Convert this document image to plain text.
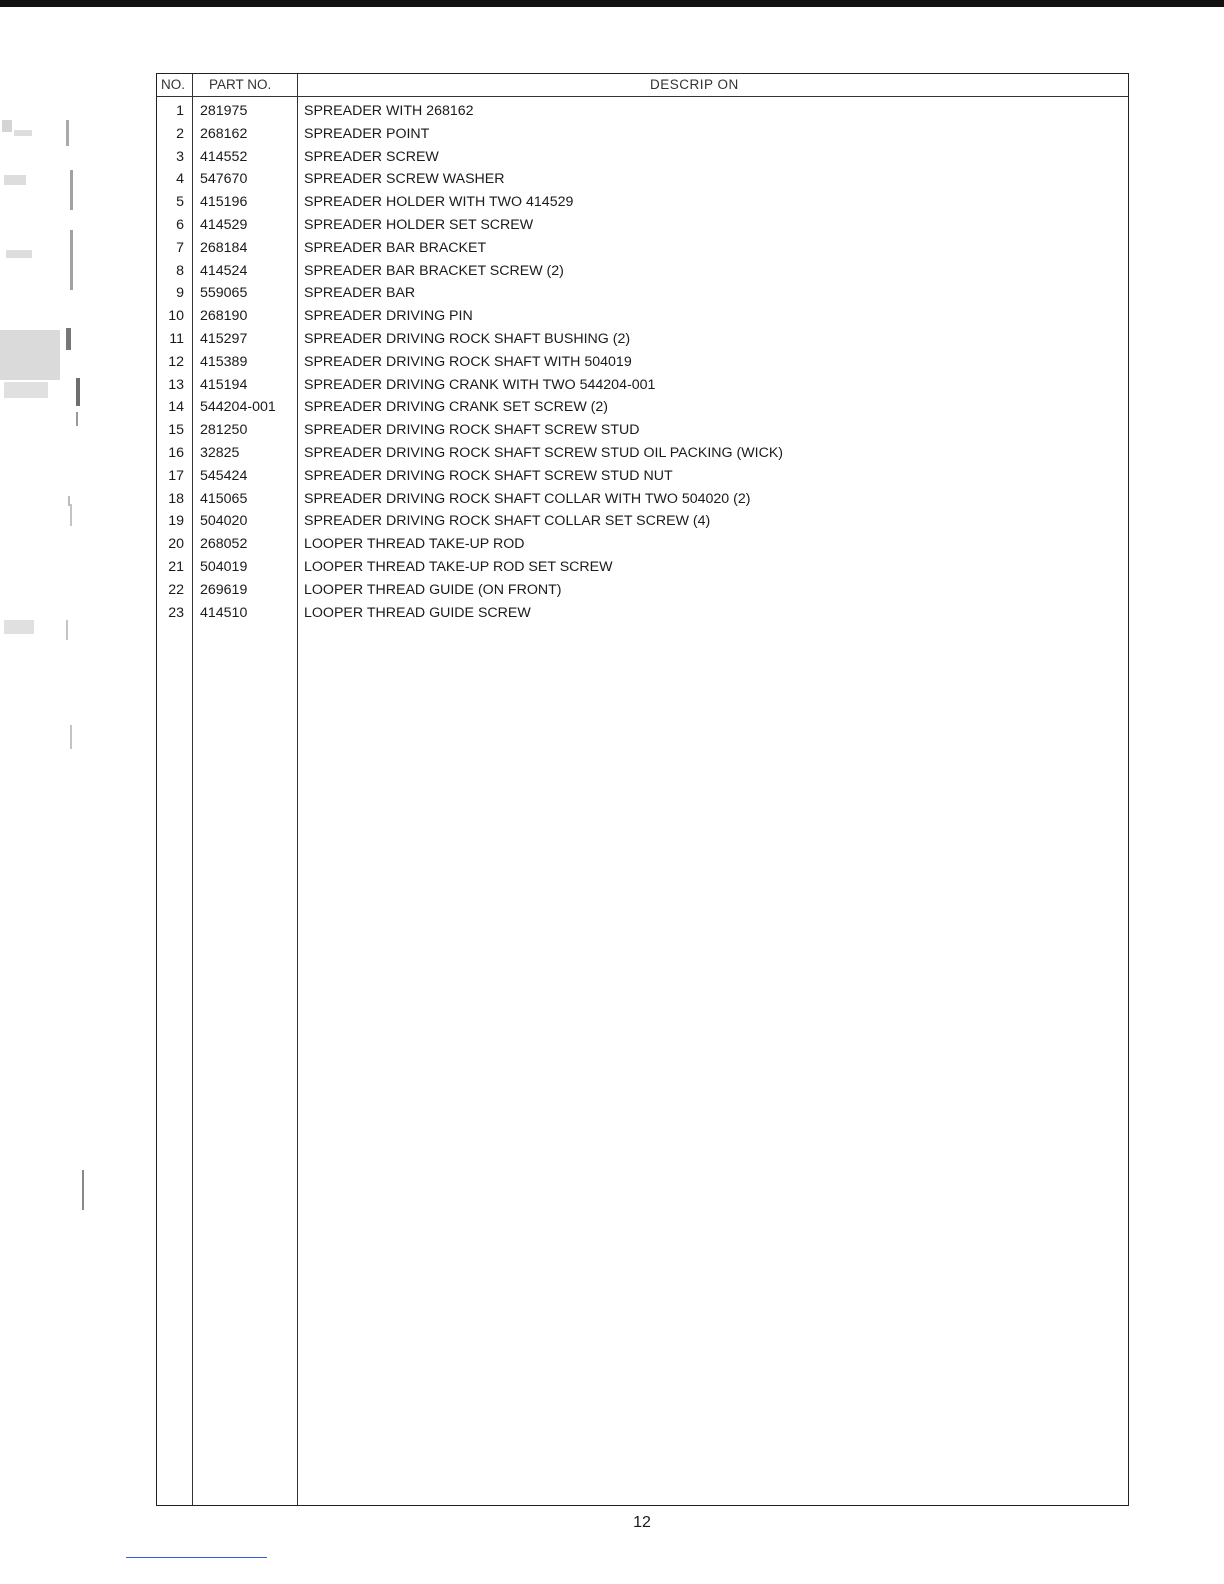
NO. PART NO.	DESCRIP ON
1 281975	SPREADER WITH 268162
2 268162	SPREADER POINT
3 414552	SPREADER SCREW
4 547670	SPREADER SCREW WASHER
5 415196	SPREADER HOLDER WITH TWO 414529
6 414529	SPREADER HOLDER SET SCREW
7 268184	SPREADER BAR BRACKET
8 414524	SPREADER BAR BRACKET SCREW (2)
9 559065	SPREADER BAR
10 268190	SPREADER DRIVING PIN
11 415297	SPREADER DRIVING ROCK SHAFT BUSHING (2)
12 415389	SPREADER DRIVING ROCK SHAFT WITH 504019
13 415194	SPREADER DRIVING CRANK WITH TWO 544204-001
14 544204-001 SPREADER DRIVING CRANK SET SCREW (2)
15 281250	SPREADER DRIVING ROCK SHAFT SCREW STUD
16 32825	SPREADER DRIVING ROCK SHAFT SCREW STUD OIL PACKING (WICK)
17 545424	SPREADER DRIVING ROCK SHAFT SCREW STUD NUT
18 415065	SPREADER DRIVING ROCK SHAFT COLLAR WITH TWO 504020 (2)
19 504020	SPREADER DRIVING ROCK SHAFT COLLAR SET SCREW (4)
20 268052	LOOPER THREAD TAKE-UP ROD
21 504019	LOOPER THREAD TAKE-UP ROD SET SCREW
22 269619	LOOPER THREAD GUIDE (ON FRONT)
23 414510	LOOPER THREAD GUIDE SCREW
12
